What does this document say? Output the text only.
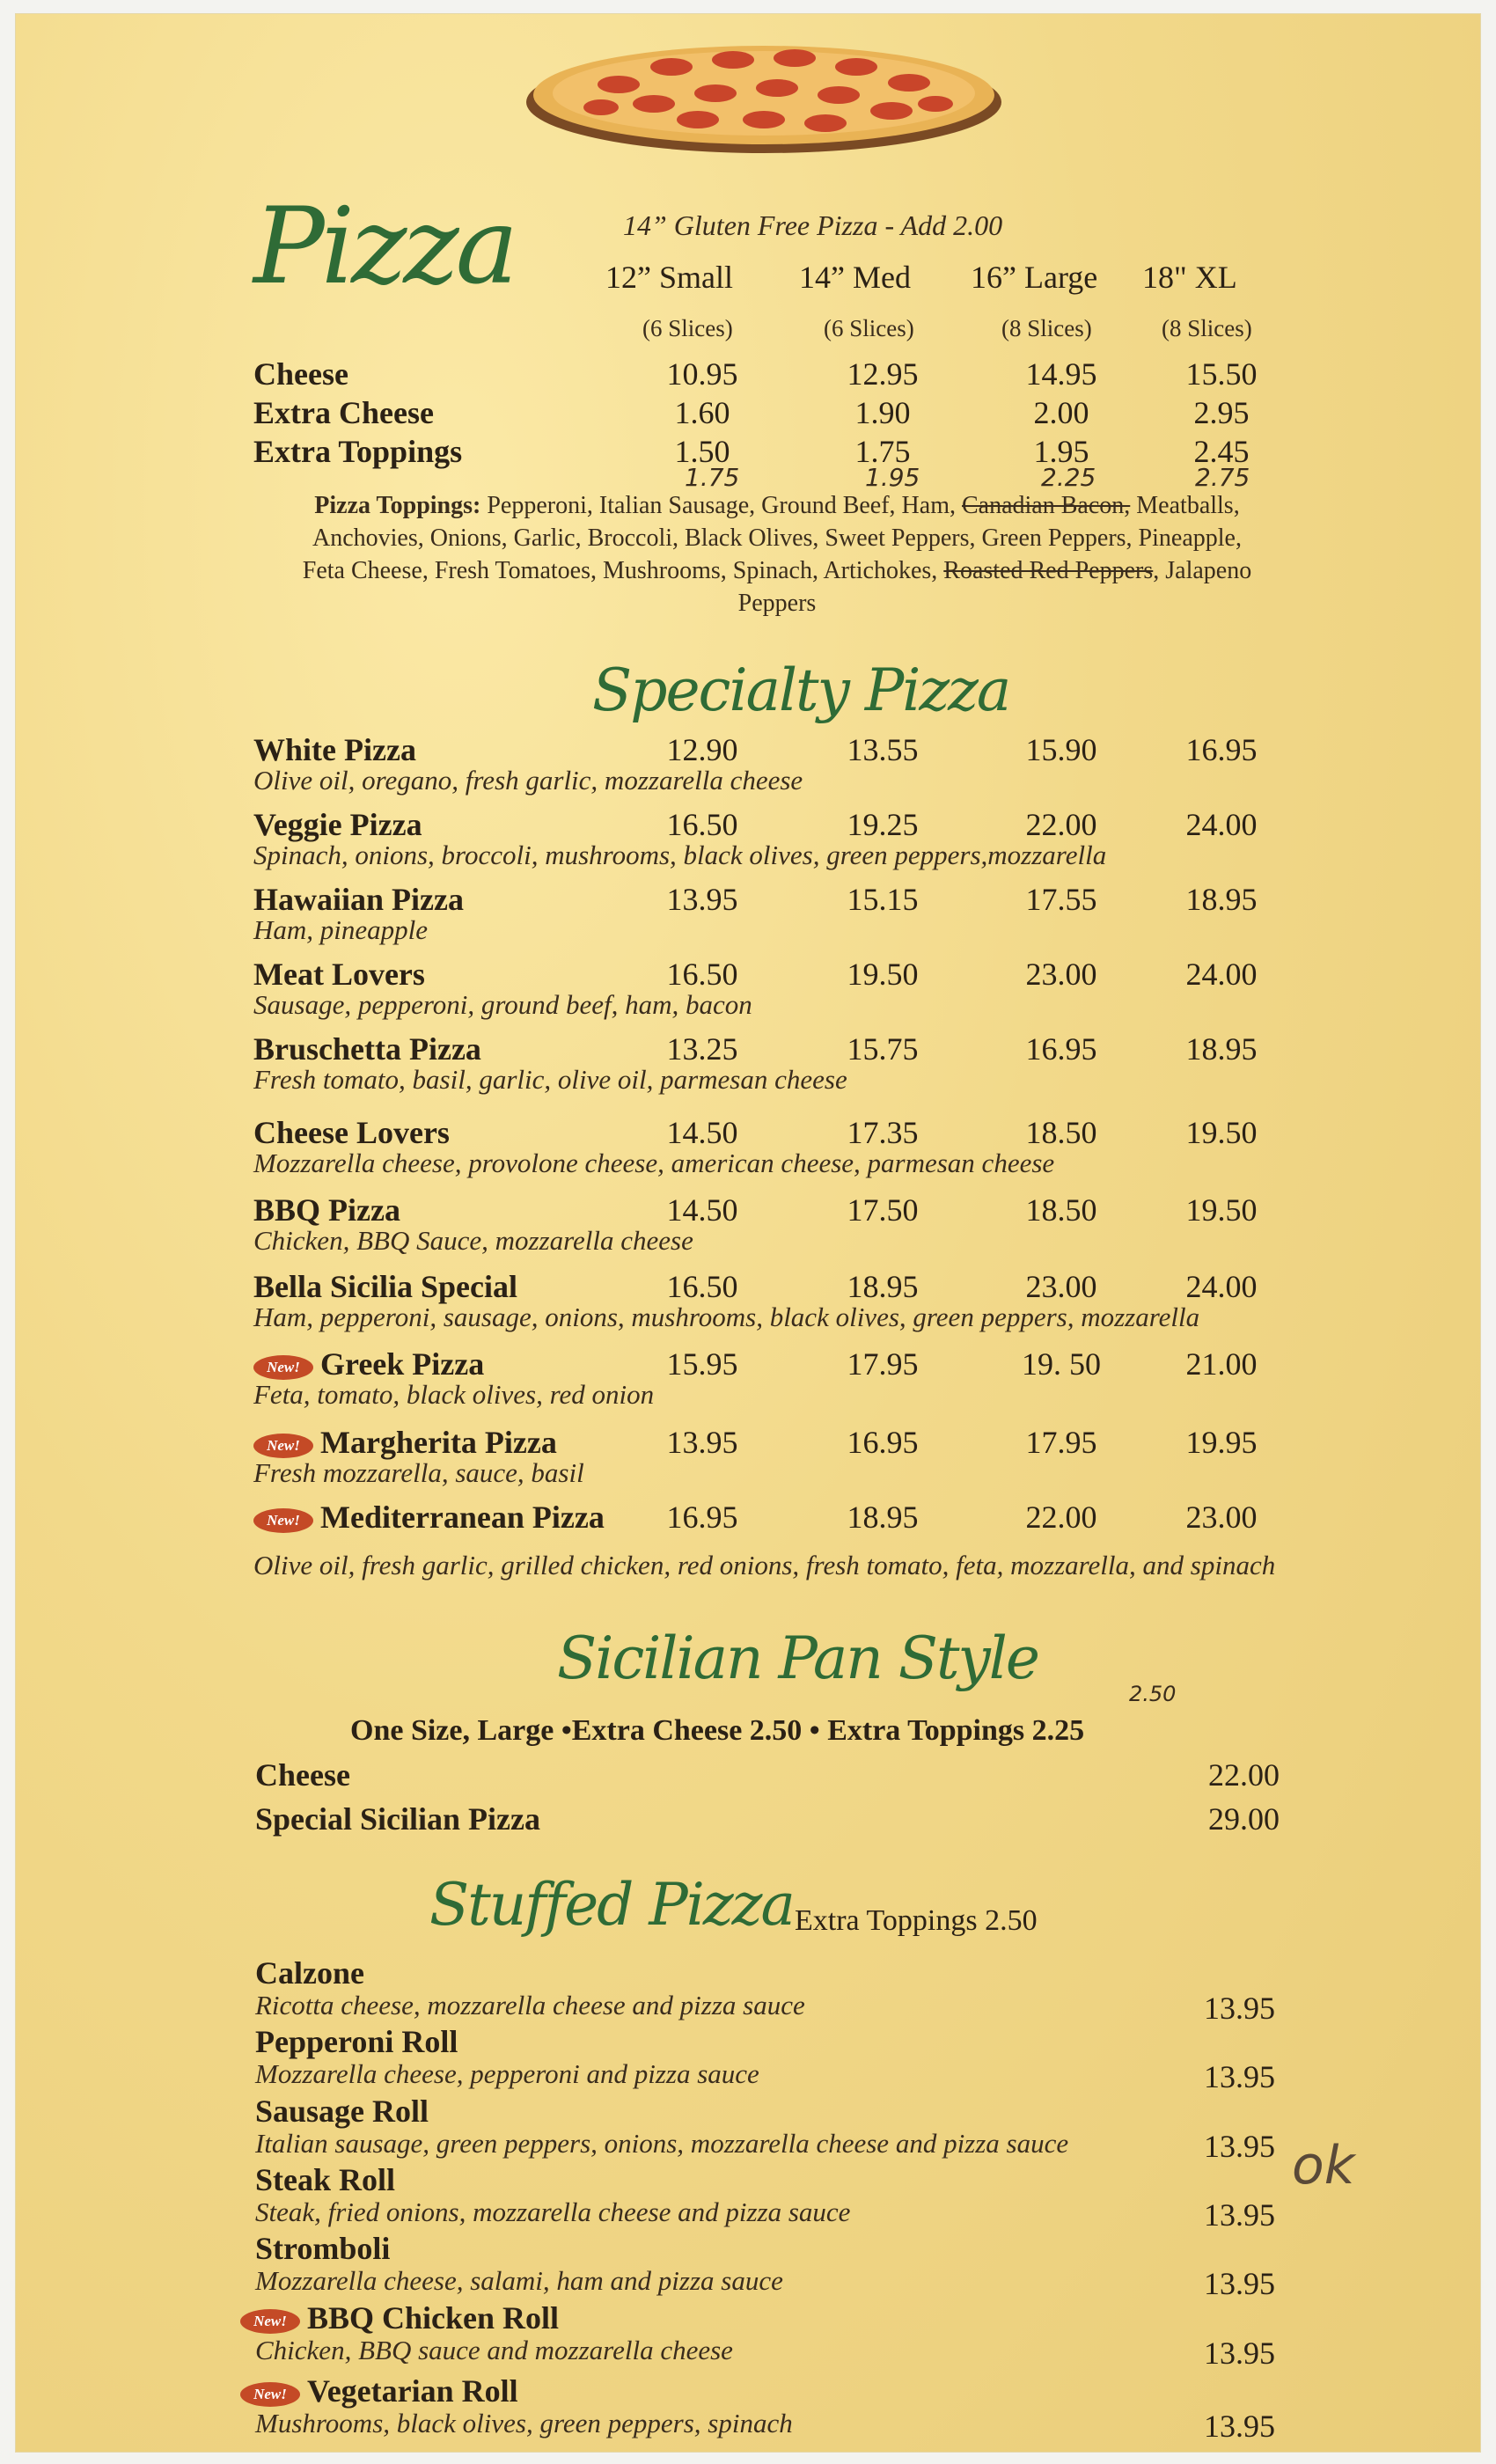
Pizza	14” Gluten Free Pizza - Add 2.00
12” Small 14” Med 16” Large 18" XL
(6 Slices)	(6 Slices)	(8 Slices)	(8 Slices)
Cheese	10.95	12.95	14.95	15.50
Extra Cheese	1.60	1.90	2.00	2.95
Extra Toppings	1.50	1.75	1.95	2.45
1.75	1.95	2.25	2.75
Pizza Toppings: Pepperoni, Italian Sausage, Ground Beef, Ham, Canadian Bacon, Meatballs, Anchovies, Onions, Garlic, Broccoli, Black Olives, Sweet Peppers, Green Peppers, Pineapple, Feta Cheese, Fresh Tomatoes, Mushrooms, Spinach, Artichokes, Roasted Red Peppers, Jalapeno Peppers
Specialty Pizza
White Pizza	12.90	13.55	15.90	16.95
Olive oil, oregano, fresh garlic, mozzarella cheese
Veggie Pizza	16.50	19.25	22.00	24.00
Spinach, onions, broccoli, mushrooms, black olives, green peppers,mozzarella
Hawaiian Pizza	13.95	15.15	17.55	18.95
Ham, pineapple
Meat Lovers	16.50	19.50	23.00	24.00
Sausage, pepperoni, ground beef, ham, bacon
Bruschetta Pizza	13.25	15.75	16.95	18.95
Fresh tomato, basil, garlic, olive oil, parmesan cheese
Cheese Lovers	14.50	17.35	18.50	19.50
Mozzarella cheese, provolone cheese, american cheese, parmesan cheese
BBQ Pizza	14.50	17.50	18.50	19.50
Chicken, BBQ Sauce, mozzarella cheese
Bella Sicilia Special	16.50	18.95	23.00	24.00
Ham, pepperoni, sausage, onions, mushrooms, black olives, green peppers, mozzarella
New! Greek Pizza	15.95	17.95	19. 50	21.00
Feta, tomato, black olives, red onion
New! Margherita Pizza	13.95	16.95	17.95	19.95
Fresh mozzarella, sauce, basil
New! Mediterranean Pizza	16.95	18.95	22.00	23.00
Olive oil, fresh garlic, grilled chicken, red onions, fresh tomato, feta, mozzarella, and spinach
Sicilian Pan Style
2.50
One Size, Large •Extra Cheese 2.50 • Extra Toppings 2.25
Cheese	22.00
Special Sicilian Pizza	29.00
Stuffed Pizza Extra Toppings 2.50
ok
Calzone
Ricotta cheese, mozzarella cheese and pizza sauce	13.95
Pepperoni Roll
Mozzarella cheese, pepperoni and pizza sauce	13.95
Sausage Roll
Italian sausage, green peppers, onions, mozzarella cheese and pizza sauce	13.95
Steak Roll
Steak, fried onions, mozzarella cheese and pizza sauce	13.95
Stromboli
Mozzarella cheese, salami, ham and pizza sauce	13.95
New! BBQ Chicken Roll
Chicken, BBQ sauce and mozzarella cheese	13.95
New! Vegetarian Roll
Mushrooms, black olives, green peppers, spinach	13.95
